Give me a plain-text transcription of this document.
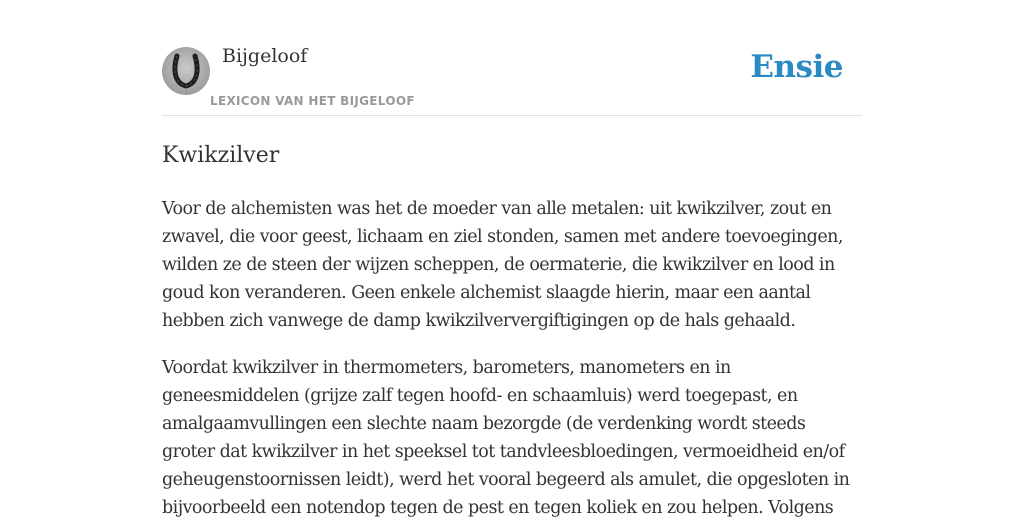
Bijgeloof
LEXICON VAN HET BIJGELOOF
Ensie
Kwikzilver

Voor de alchemisten was het de moeder van alle metalen: uit kwikzilver, zout en zwavel, die voor geest, lichaam en ziel stonden, samen met andere toevoegingen, wilden ze de steen der wijzen scheppen, de oermaterie, die kwikzilver en lood in goud kon veranderen. Geen enkele alchemist slaagde hierin, maar een aantal hebben zich vanwege de damp kwikzilververgiftigingen op de hals gehaald.

Voordat kwikzilver in thermometers, barometers, manometers en in geneesmiddelen (grijze zalf tegen hoofd- en schaamluis) werd toegepast, en amalgaamvullingen een slechte naam bezorgde (de verdenking wordt steeds groter dat kwikzilver in het speeksel tot tandvleesbloedingen, vermoeidheid en/of geheugenstoornissen leidt), werd het vooral begeerd als amulet, die opgesloten in bijvoorbeeld een notendop tegen de pest en tegen koliek en zou helpen. Volgens
